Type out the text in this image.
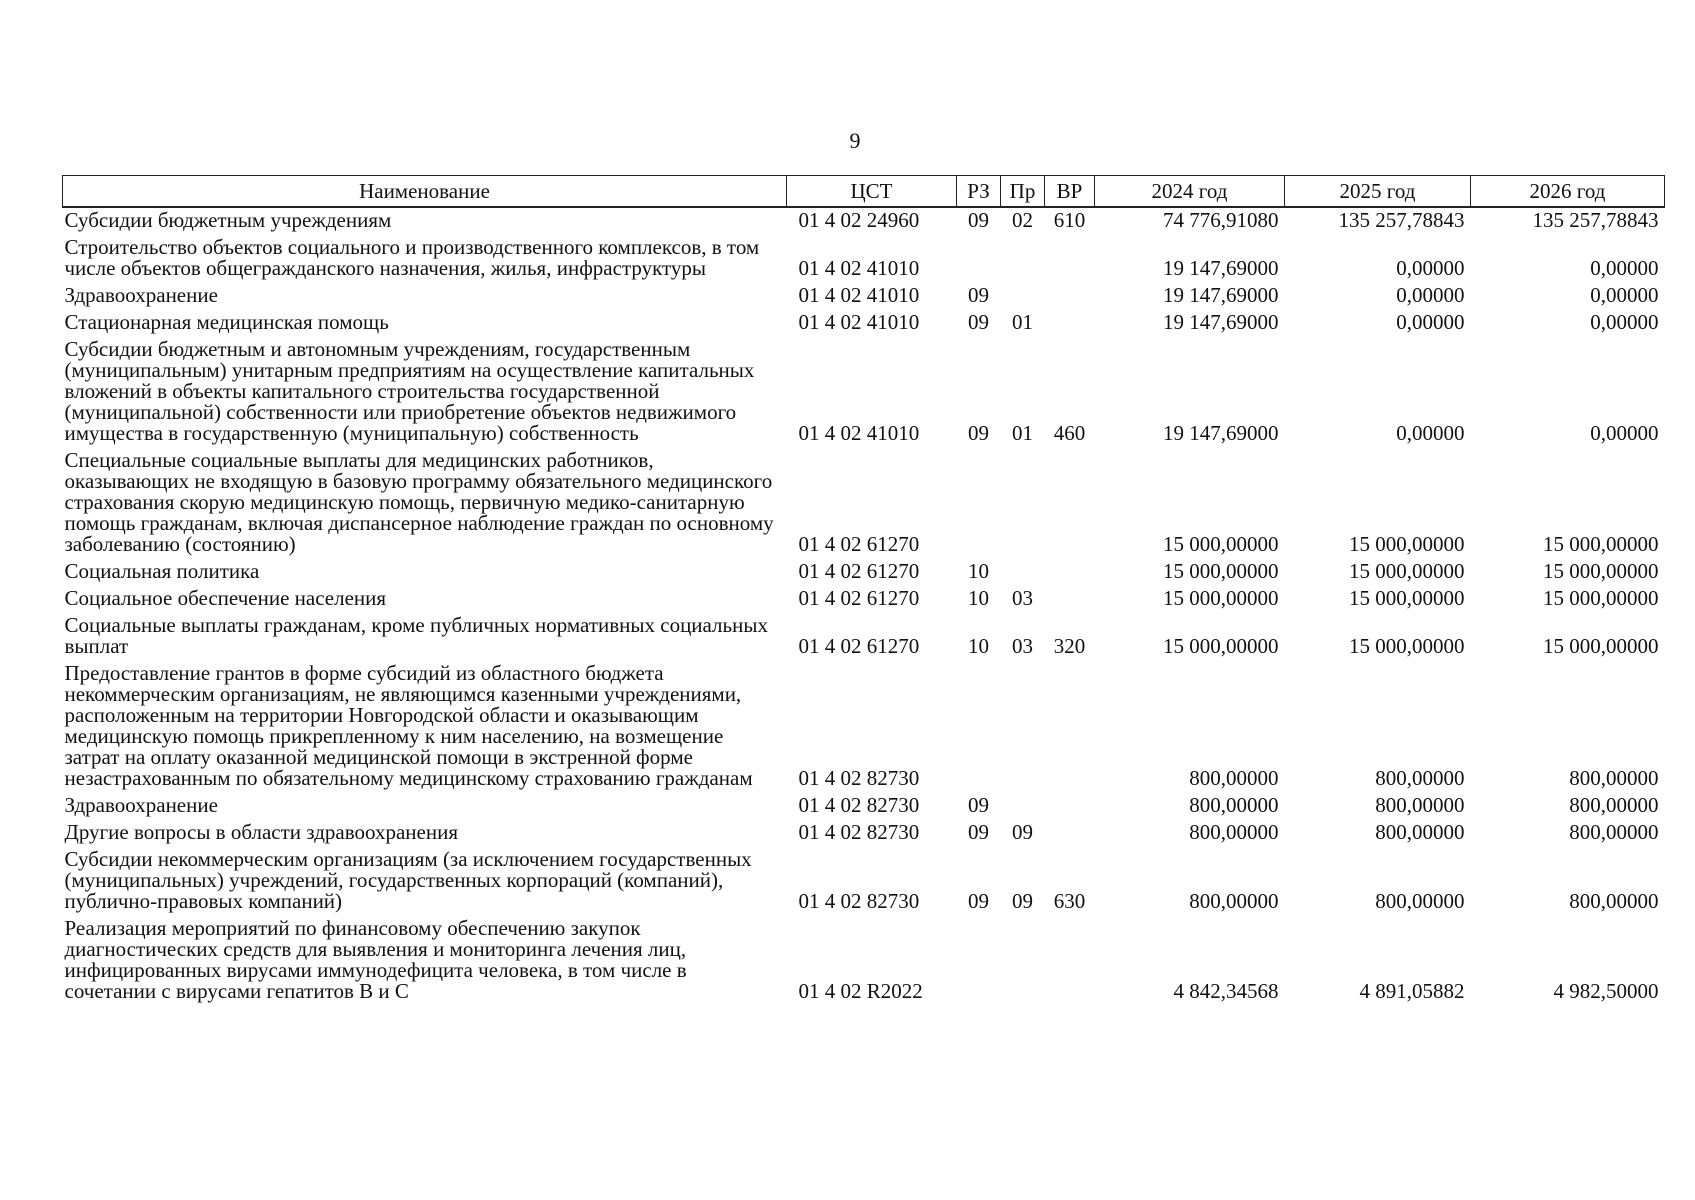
9
Наименование	ЦСТ	РЗ	Пр	ВР	2024 год	2025 год	2026 год
Субсидии бюджетным учреждениям	01 4 02 24960	09	02	610	74 776,91080	135 257,78843	135 257,78843
Строительство объектов социального и производственного комплексов, в том числе объектов общегражданского назначения, жилья, инфраструктуры	01 4 02 41010				19 147,69000	0,00000	0,00000
Здравоохранение	01 4 02 41010	09			19 147,69000	0,00000	0,00000
Стационарная медицинская помощь	01 4 02 41010	09	01		19 147,69000	0,00000	0,00000
Субсидии бюджетным и автономным учреждениям, государственным (муниципальным) унитарным предприятиям на осуществление капитальных вложений в объекты капитального строительства государственной (муниципальной) собственности или приобретение объектов недвижимого имущества в государственную (муниципальную) собственность	01 4 02 41010	09	01	460	19 147,69000	0,00000	0,00000
Специальные социальные выплаты для медицинских работников, оказывающих не входящую в базовую программу обязательного медицинского страхования скорую медицинскую помощь, первичную медико-санитарную помощь гражданам, включая диспансерное наблюдение граждан по основному заболеванию (состоянию)	01 4 02 61270				15 000,00000	15 000,00000	15 000,00000
Социальная политика	01 4 02 61270	10			15 000,00000	15 000,00000	15 000,00000
Социальное обеспечение населения	01 4 02 61270	10	03		15 000,00000	15 000,00000	15 000,00000
Социальные выплаты гражданам, кроме публичных нормативных социальных выплат	01 4 02 61270	10	03	320	15 000,00000	15 000,00000	15 000,00000
Предоставление грантов в форме субсидий из областного бюджета некоммерческим организациям, не являющимся казенными учреждениями, расположенным на территории Новгородской области и оказывающим медицинскую помощь прикрепленному к ним населению, на возмещение затрат на оплату оказанной медицинской помощи в экстренной форме незастрахованным по обязательному медицинскому страхованию гражданам	01 4 02 82730				800,00000	800,00000	800,00000
Здравоохранение	01 4 02 82730	09			800,00000	800,00000	800,00000
Другие вопросы в области здравоохранения	01 4 02 82730	09	09		800,00000	800,00000	800,00000
Субсидии некоммерческим организациям (за исключением государственных (муниципальных) учреждений, государственных корпораций (компаний), публично-правовых компаний)	01 4 02 82730	09	09	630	800,00000	800,00000	800,00000
Реализация мероприятий по финансовому обеспечению закупок диагностических средств для выявления и мониторинга лечения лиц, инфицированных вирусами иммунодефицита человека, в том числе в сочетании с вирусами гепатитов В и С	01 4 02 R2022				4 842,34568	4 891,05882	4 982,50000
